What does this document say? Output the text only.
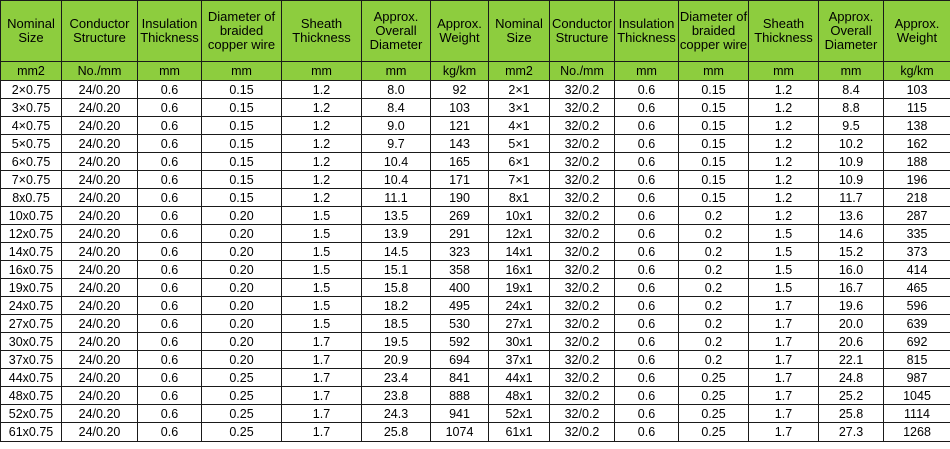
Nominal Size	Conductor Structure	Insulation Thickness	Diameter of braided copper wire	Sheath Thickness	Approx. Overall Diameter	Approx. Weight	Nominal Size	Conductor Structure	Insulation Thickness	Diameter of braided copper wire	Sheath Thickness	Approx. Overall Diameter	Approx. Weight
mm2	No./mm	mm	mm	mm	mm	kg/km	mm2	No./mm	mm	mm	mm	mm	kg/km
2×0.75	24/0.20	0.6	0.15	1.2	8.0	92	2×1	32/0.2	0.6	0.15	1.2	8.4	103
3×0.75	24/0.20	0.6	0.15	1.2	8.4	103	3×1	32/0.2	0.6	0.15	1.2	8.8	115
4×0.75	24/0.20	0.6	0.15	1.2	9.0	121	4×1	32/0.2	0.6	0.15	1.2	9.5	138
5×0.75	24/0.20	0.6	0.15	1.2	9.7	143	5×1	32/0.2	0.6	0.15	1.2	10.2	162
6×0.75	24/0.20	0.6	0.15	1.2	10.4	165	6×1	32/0.2	0.6	0.15	1.2	10.9	188
7×0.75	24/0.20	0.6	0.15	1.2	10.4	171	7×1	32/0.2	0.6	0.15	1.2	10.9	196
8x0.75	24/0.20	0.6	0.15	1.2	11.1	190	8x1	32/0.2	0.6	0.15	1.2	11.7	218
10x0.75	24/0.20	0.6	0.20	1.5	13.5	269	10x1	32/0.2	0.6	0.2	1.2	13.6	287
12x0.75	24/0.20	0.6	0.20	1.5	13.9	291	12x1	32/0.2	0.6	0.2	1.5	14.6	335
14x0.75	24/0.20	0.6	0.20	1.5	14.5	323	14x1	32/0.2	0.6	0.2	1.5	15.2	373
16x0.75	24/0.20	0.6	0.20	1.5	15.1	358	16x1	32/0.2	0.6	0.2	1.5	16.0	414
19x0.75	24/0.20	0.6	0.20	1.5	15.8	400	19x1	32/0.2	0.6	0.2	1.5	16.7	465
24x0.75	24/0.20	0.6	0.20	1.5	18.2	495	24x1	32/0.2	0.6	0.2	1.7	19.6	596
27x0.75	24/0.20	0.6	0.20	1.5	18.5	530	27x1	32/0.2	0.6	0.2	1.7	20.0	639
30x0.75	24/0.20	0.6	0.20	1.7	19.5	592	30x1	32/0.2	0.6	0.2	1.7	20.6	692
37x0.75	24/0.20	0.6	0.20	1.7	20.9	694	37x1	32/0.2	0.6	0.2	1.7	22.1	815
44x0.75	24/0.20	0.6	0.25	1.7	23.4	841	44x1	32/0.2	0.6	0.25	1.7	24.8	987
48x0.75	24/0.20	0.6	0.25	1.7	23.8	888	48x1	32/0.2	0.6	0.25	1.7	25.2	1045
52x0.75	24/0.20	0.6	0.25	1.7	24.3	941	52x1	32/0.2	0.6	0.25	1.7	25.8	1114
61x0.75	24/0.20	0.6	0.25	1.7	25.8	1074	61x1	32/0.2	0.6	0.25	1.7	27.3	1268
